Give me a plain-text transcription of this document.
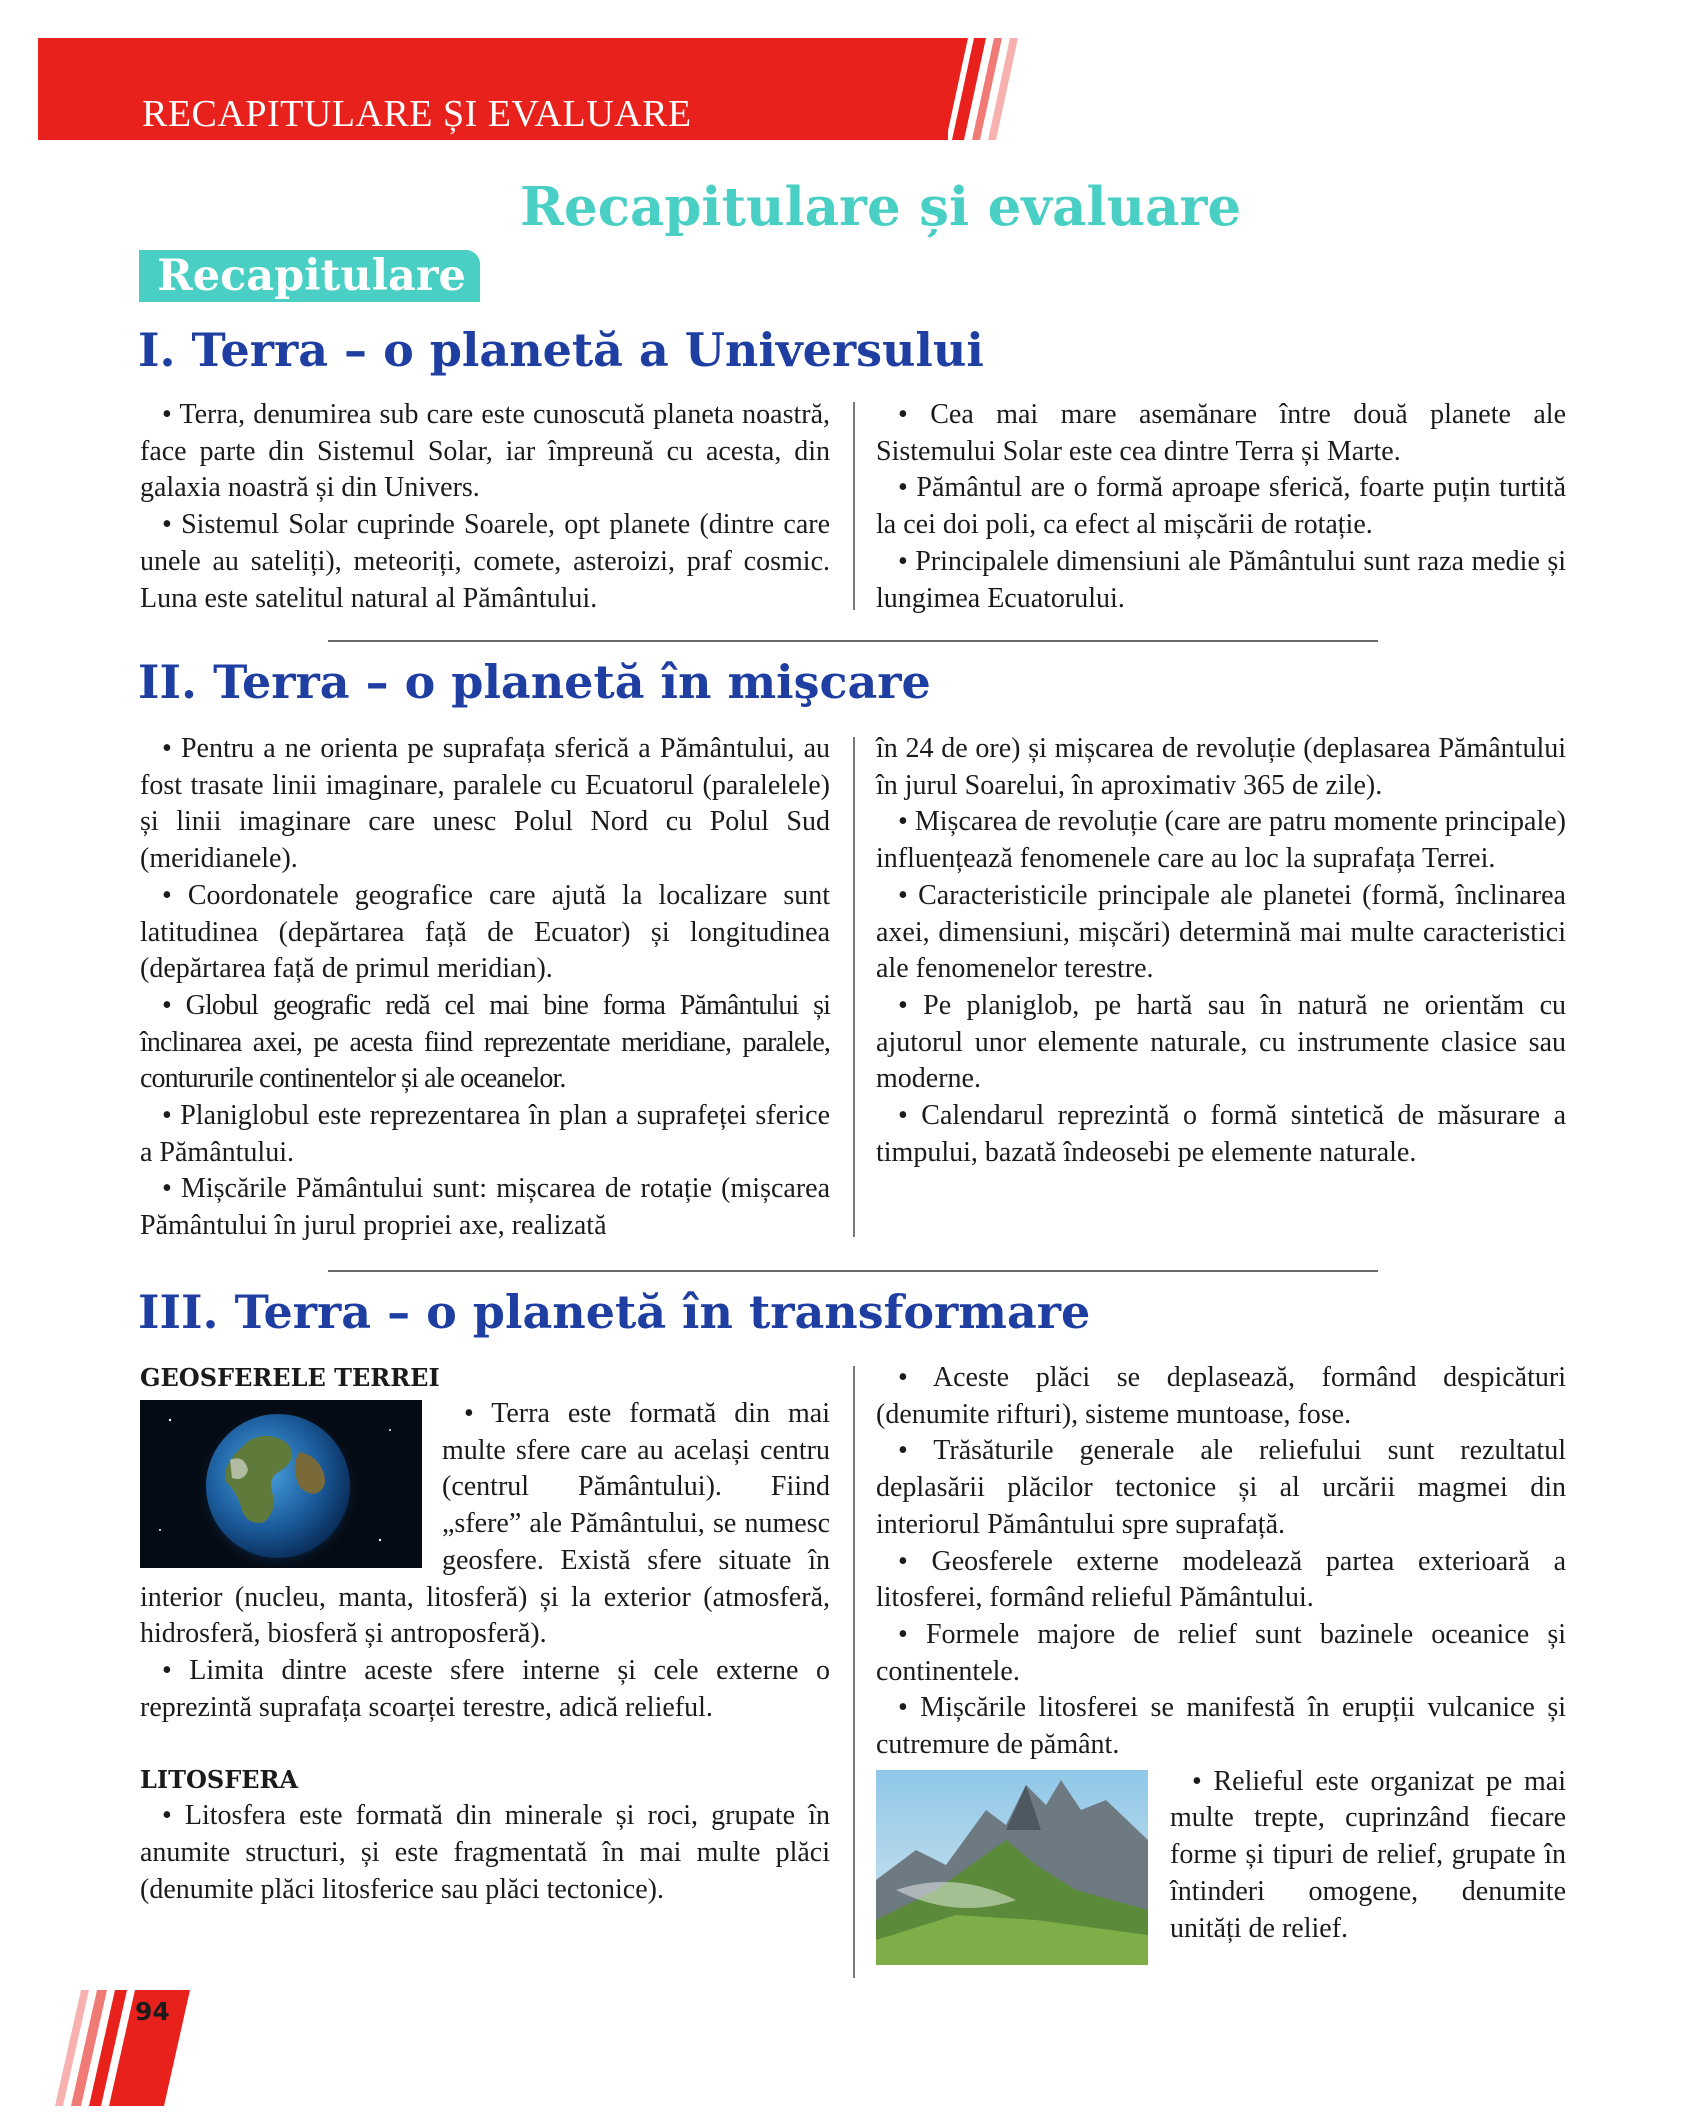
RECAPITULARE ȘI EVALUARE
Recapitulare și evaluare
Recapitulare
I. Terra – o planetă a Universului

• Terra, denumirea sub care este cunoscută planeta noastră, face parte din Sistemul Solar, iar împreună cu acesta, din galaxia noastră și din Univers.

• Sistemul Solar cuprinde Soarele, opt planete (dintre care unele au sateliți), meteoriți, comete, asteroizi, praf cosmic. Luna este satelitul natural al Pământului.

• Cea mai mare asemănare între două planete ale Sistemului Solar este cea dintre Terra și Marte.

• Pământul are o formă aproape sferică, foarte puțin turtită la cei doi poli, ca efect al mișcării de rotație.

• Principalele dimensiuni ale Pământului sunt raza medie și lungimea Ecuatorului.

II. Terra – o planetă în mişcare

• Pentru a ne orienta pe suprafața sferică a Pământului, au fost trasate linii imaginare, paralele cu Ecuatorul (paralelele) și linii imaginare care unesc Polul Nord cu Polul Sud (meridianele).

• Coordonatele geografice care ajută la localizare sunt latitudinea (depărtarea față de Ecuator) și longitudinea (depărtarea față de primul meridian).

• Globul geografic redă cel mai bine forma Pământului și înclinarea axei, pe acesta fiind reprezentate meridiane, paralele, contururile continentelor și ale oceanelor.

• Planiglobul este reprezentarea în plan a suprafeței sferice a Pământului.

• Mișcările Pământului sunt: mișcarea de rotație (mișcarea Pământului în jurul propriei axe, realizată

în 24 de ore) și mișcarea de revoluție (deplasarea Pământului în jurul Soarelui, în aproximativ 365 de zile).

• Mișcarea de revoluție (care are patru momente principale) influențează fenomenele care au loc la suprafața Terrei.

• Caracteristicile principale ale planetei (formă, înclinarea axei, dimensiuni, mișcări) determină mai multe caracteristici ale fenomenelor terestre.

• Pe planiglob, pe hartă sau în natură ne orientăm cu ajutorul unor elemente naturale, cu instrumente clasice sau moderne.

• Calendarul reprezintă o formă sintetică de măsurare a timpului, bazată îndeosebi pe elemente naturale.

III. Terra – o planetă în transformare
GEOSFERELE TERREI

• Terra este formată din mai multe sfere care au același centru (centrul Pământului). Fiind „sfere” ale Pământului, se numesc geosfere. Există sfere situate în interior (nucleu, manta, litosferă) și la exterior (atmosferă, hidrosferă, biosferă și antroposferă).

• Limita dintre aceste sfere interne și cele externe o reprezintă suprafața scoarței terestre, adică relieful.

LITOSFERA

• Litosfera este formată din minerale și roci, grupate în anumite structuri, și este fragmentată în mai multe plăci (denumite plăci litosferice sau plăci tectonice).

• Aceste plăci se deplasează, formând despicături (denumite rifturi), sisteme muntoase, fose.

• Trăsăturile generale ale reliefului sunt rezultatul deplasării plăcilor tectonice și al urcării magmei din interiorul Pământului spre suprafață.

• Geosferele externe modelează partea exterioară a litosferei, formând relieful Pământului.

• Formele majore de relief sunt bazinele oceanice și continentele.

• Mișcările litosferei se manifestă în erupții vulcanice și cutremure de pământ.

• Relieful este organizat pe mai multe trepte, cuprinzând fiecare forme și tipuri de relief, grupate în întinderi omogene, denumite unități de relief.

94
